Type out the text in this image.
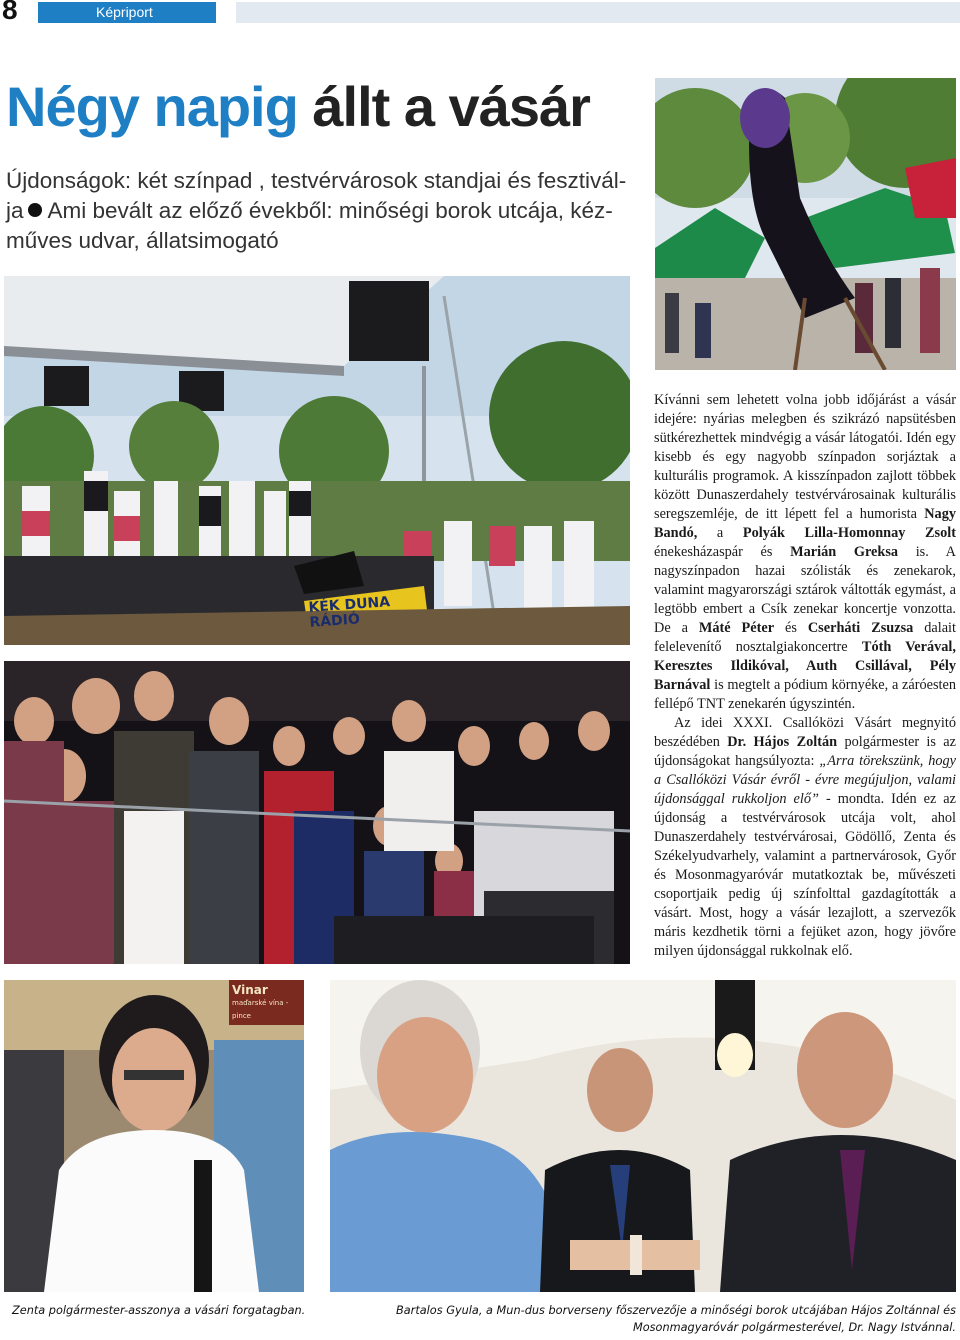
8	Képriport
Négy napig állt a vásár
Újdonságok: két színpad , testvérvárosok standjai és fesztivál-
ja Ami bevált az előző évekből: minőségi borok utcája, kéz-
műves udvar, állatsimogató
KÉK DUNA
RÁDIÓ

Kívánni sem lehetett volna jobb időjárást a vásár idejére: nyárias melegben és szikrázó napsütésben sütkérezhettek mindvégig a vásár látogatói. Idén egy kisebb és egy nagyobb színpadon sorjáztak a kulturális programok. A kisszínpadon zajlott többek között Dunaszerdahely testvérvárosainak kulturális seregszemléje, de itt lépett fel a humorista Nagy Bandó, a Polyák Lilla-Homonnay Zsolt énekesházaspár és Marián Greksa is. A nagyszínpadon hazai szólisták és zenekarok, valamint magyarországi sztárok váltották egymást, a legtöbb embert a Csík zenekar koncertje vonzotta. De a Máté Péter és Cserháti Zsuzsa dalait felelevenítő nosztalgiakoncertre Tóth Verával, Keresztes Ildikóval, Auth Csillával, Pély Barnával is megtelt a pódium környéke, a záróesten fellépő TNT zenekarén úgyszintén.

Az idei XXXI. Csallóközi Vásárt megnyitó beszédében Dr. Hájos Zoltán polgármester is az újdonságokat hangsúlyozta: „Arra törekszünk, hogy a Csallóközi Vásár évről - évre megújuljon, valami újdonsággal rukkoljon elő” - mondta. Idén ez az újdonság a testvérvárosok utcája volt, ahol Dunaszerdahely testvérvárosai, Gödöllő, Zenta és Székelyudvarhely, valamint a partnervárosok, Győr és Mosonmagyaróvár mutatkoztak be, művészeti csoportjaik pedig új színfolttal gazdagították a vásárt. Most, hogy a vásár lezajlott, a szervezők máris kezdhetik törni a fejüket azon, hogy jövőre milyen újdonsággal rukkolnak elő.

Vinar
maďarské vína - pince
Zenta polgármester-asszonya a vásári forgatagban.	Bartalos Gyula, a Mun-dus borverseny főszervezője a minőségi borok utcájában Hájos Zoltánnal és Mosonmagyaróvár polgármesterével, Dr. Nagy Istvánnal.
